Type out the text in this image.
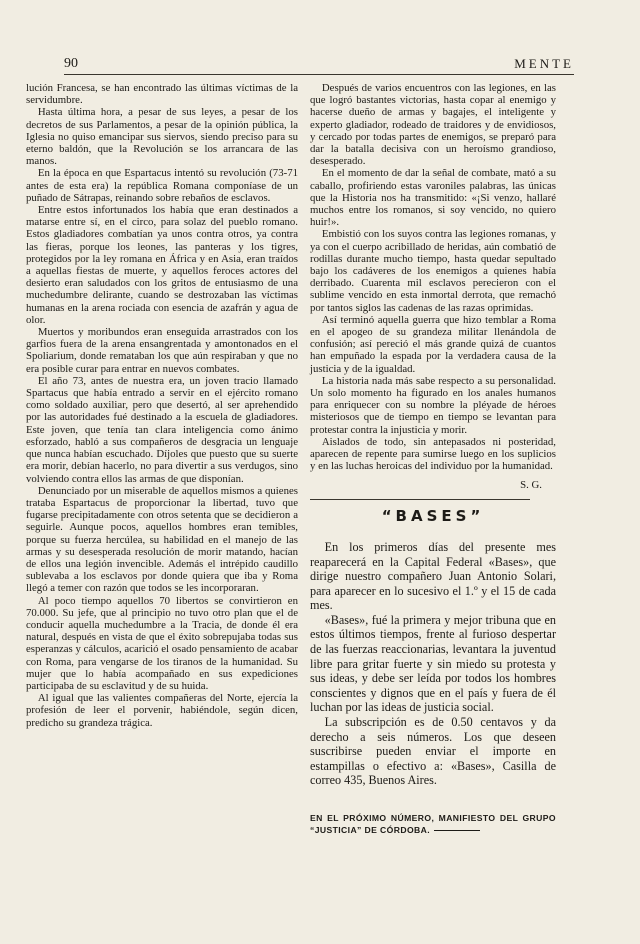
90	MENTE

lución Francesa, se han encontrado las últimas víctimas de la servidumbre.

Hasta última hora, a pesar de sus leyes, a pesar de los decretos de sus Parlamentos, a pesar de la opinión pública, la Iglesia no quiso emancipar sus siervos, siendo preciso para su eterno baldón, que la Revolución se los arrancara de las manos.

En la época en que Espartacus intentó su revolución (73-71 antes de esta era) la república Romana componíase de un puñado de Sátrapas, reinando sobre rebaños de esclavos.

Entre estos infortunados los había que eran destinados a matarse entre sí, en el circo, para solaz del pueblo romano. Estos gladiadores combatían ya unos contra otros, ya contra las fieras, porque los leones, las panteras y los tigres, protegidos por la ley romana en África y en Asia, eran traídos a aquellas fiestas de muerte, y aquellos feroces actores del desierto eran saludados con los gritos de entusiasmo de una muchedumbre delirante, cuando se destrozaban las víctimas humanas en la arena rociada con esencia de azafrán y agua de olor.

Muertos y moribundos eran enseguida arrastrados con los garfios fuera de la arena ensangrentada y amontonados en el Spoliarium, donde remataban los que aún respiraban y que no era posible curar para entrar en nuevos combates.

El año 73, antes de nuestra era, un joven tracio llamado Spartacus que había entrado a servir en el ejército romano como soldado auxiliar, pero que desertó, al ser aprehendido por las autoridades fué destinado a la escuela de gladiadores. Este joven, que tenía tan clara inteligencia como ánimo esforzado, habló a sus compañeros de desgracia un lenguaje que nunca habían escuchado. Díjoles que puesto que su suerte era morir, debían hacerlo, no para divertir a sus verdugos, sino volviendo contra ellos las armas de que disponían.

Denunciado por un miserable de aquellos mismos a quienes trataba Espartacus de proporcionar la libertad, tuvo que fugarse precipitadamente con otros setenta que se decidieron a seguirle. Aunque pocos, aquellos hombres eran temibles, porque su fuerza hercúlea, su habilidad en el manejo de las armas y su desesperada resolución de morir matando, hacían de ellos una legión invencible. Además el intrépido caudillo sublevaba a los esclavos por donde quiera que iba y Roma llegó a temer con razón que todos se les incorporaran.

Al poco tiempo aquellos 70 libertos se convirtieron en 70.000. Su jefe, que al principio no tuvo otro plan que el de conducir aquella muchedumbre a la Tracia, de donde él era natural, después en vista de que el éxito sobrepujaba todas sus esperanzas y cálculos, acarició el osado pensamiento de acabar con Roma, para vengarse de los tiranos de la humanidad. Su mujer que lo había acompañado en sus expediciones participaba de su esclavitud y de su huida.

Al igual que las valientes compañeras del Norte, ejercía la profesión de leer el porvenir, habiéndole, según dicen, predicho su grandeza trágica.

Después de varios encuentros con las legiones, en las que logró bastantes victorias, hasta copar al enemigo y hacerse dueño de armas y bagajes, el inteligente y experto gladiador, rodeado de traidores y de envidiosos, y cercado por todas partes de enemigos, se preparó para dar la batalla decisiva con un heroísmo grandioso, desesperado.

En el momento de dar la señal de combate, mató a su caballo, profiriendo estas varoniles palabras, las únicas que la Historia nos ha transmitido: «¡Si venzo, hallaré muchos entre los romanos, si soy vencido, no quiero huir!».

Embistió con los suyos contra las legiones romanas, y ya con el cuerpo acribillado de heridas, aún combatió de rodillas durante mucho tiempo, hasta quedar sepultado bajo los cadáveres de los enemigos a quienes había derribado. Cuarenta mil esclavos perecieron con el sublime vencido en esta inmortal derrota, que remachó por tantos siglos las cadenas de las razas oprimidas.

Así terminó aquella guerra que hizo temblar a Roma en el apogeo de su grandeza militar llenándola de confusión; así pereció el más grande quizá de cuantos han empuñado la espada por la verdadera causa de la justicia y de la igualdad.

La historia nada más sabe respecto a su personalidad. Un solo momento ha figurado en los anales humanos para enriquecer con su nombre la pléyade de héroes misteriosos que de tiempo en tiempo se levantan para protestar contra la injusticia y morir.

Aislados de todo, sin antepasados ni posteridad, aparecen de repente para sumirse luego en los suplicios y en las luchas heroicas del individuo por la humanidad.

S. G.

“BASES”

En los primeros días del presente mes reaparecerá en la Capital Federal «Bases», que dirige nuestro compañero Juan Antonio Solari, para aparecer en lo sucesivo el 1.º y el 15 de cada mes.

«Bases», fué la primera y mejor tribuna que en estos últimos tiempos, frente al furioso despertar de las fuerzas reaccionarias, levantara la juventud libre para gritar fuerte y sin miedo su protesta y sus ideas, y debe ser leída por todos los hombres conscientes y dignos que en el país y fuera de él luchan por las ideas de justicia social.

La subscripción es de 0.50 centavos y da derecho a seis números. Los que deseen suscribirse pueden enviar el importe en estampillas o efectivo a: «Bases», Casilla de correo 435, Buenos Aires.

EN EL PRÓXIMO NÚMERO, MANIFIESTO DEL GRUPO “JUSTICIA” DE CÓRDOBA.
